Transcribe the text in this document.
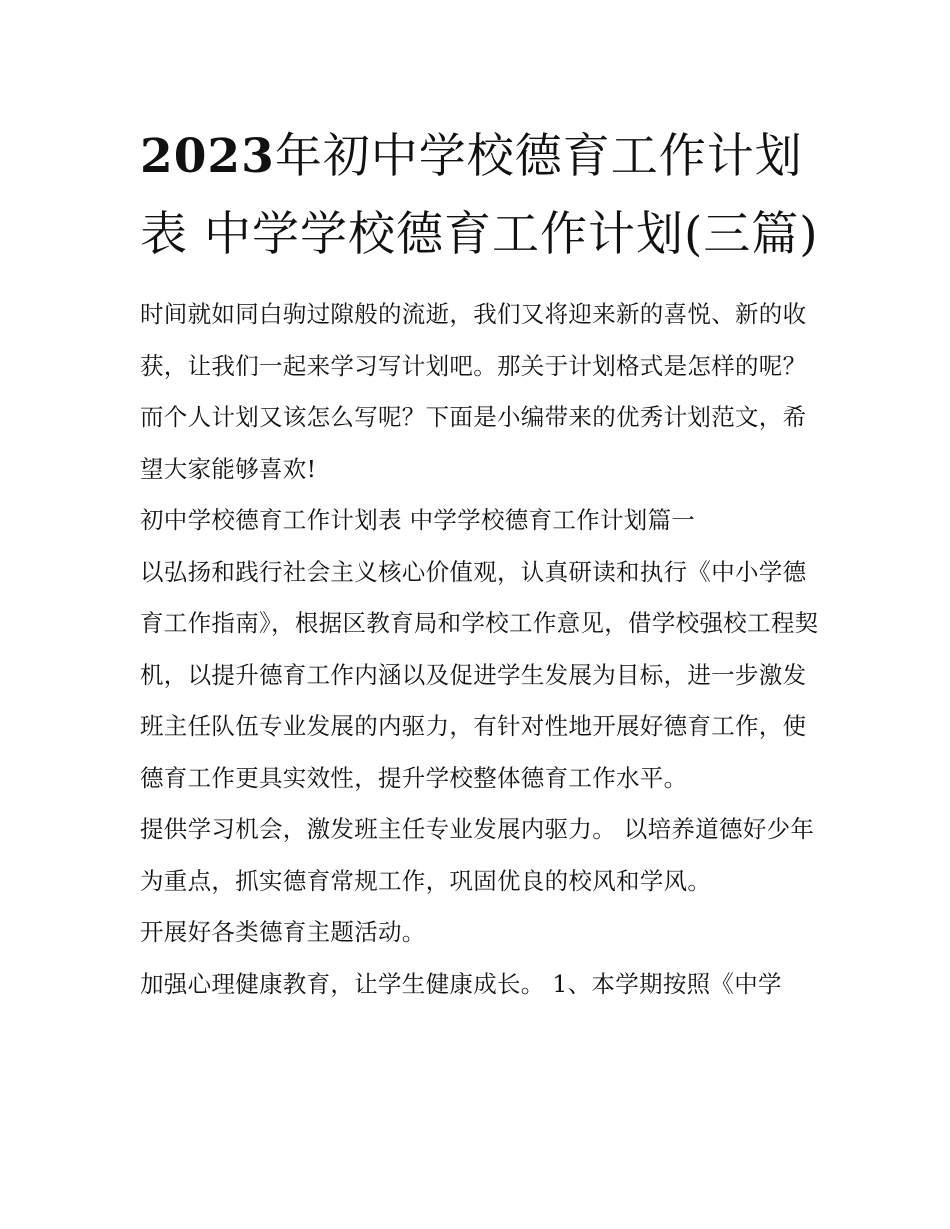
2023年初中学校德育工作计划表 中学学校德育工作计划(三篇)

时间就如同白驹过隙般的流逝，我们又将迎来新的喜悦、新的收获，让我们一起来学习写计划吧。那关于计划格式是怎样的呢？而个人计划又该怎么写呢？下面是小编带来的优秀计划范文，希望大家能够喜欢!

初中学校德育工作计划表 中学学校德育工作计划篇一

以弘扬和践行社会主义核心价值观，认真研读和执行《中小学德育工作指南》，根据区教育局和学校工作意见，借学校强校工程契机，以提升德育工作内涵以及促进学生发展为目标，进一步激发班主任队伍专业发展的内驱力，有针对性地开展好德育工作，使德育工作更具实效性，提升学校整体德育工作水平。

提供学习机会，激发班主任专业发展内驱力。 以培养道德好少年为重点，抓实德育常规工作，巩固优良的校风和学风。

开展好各类德育主题活动。

加强心理健康教育，让学生健康成长。 1、本学期按照《中学
